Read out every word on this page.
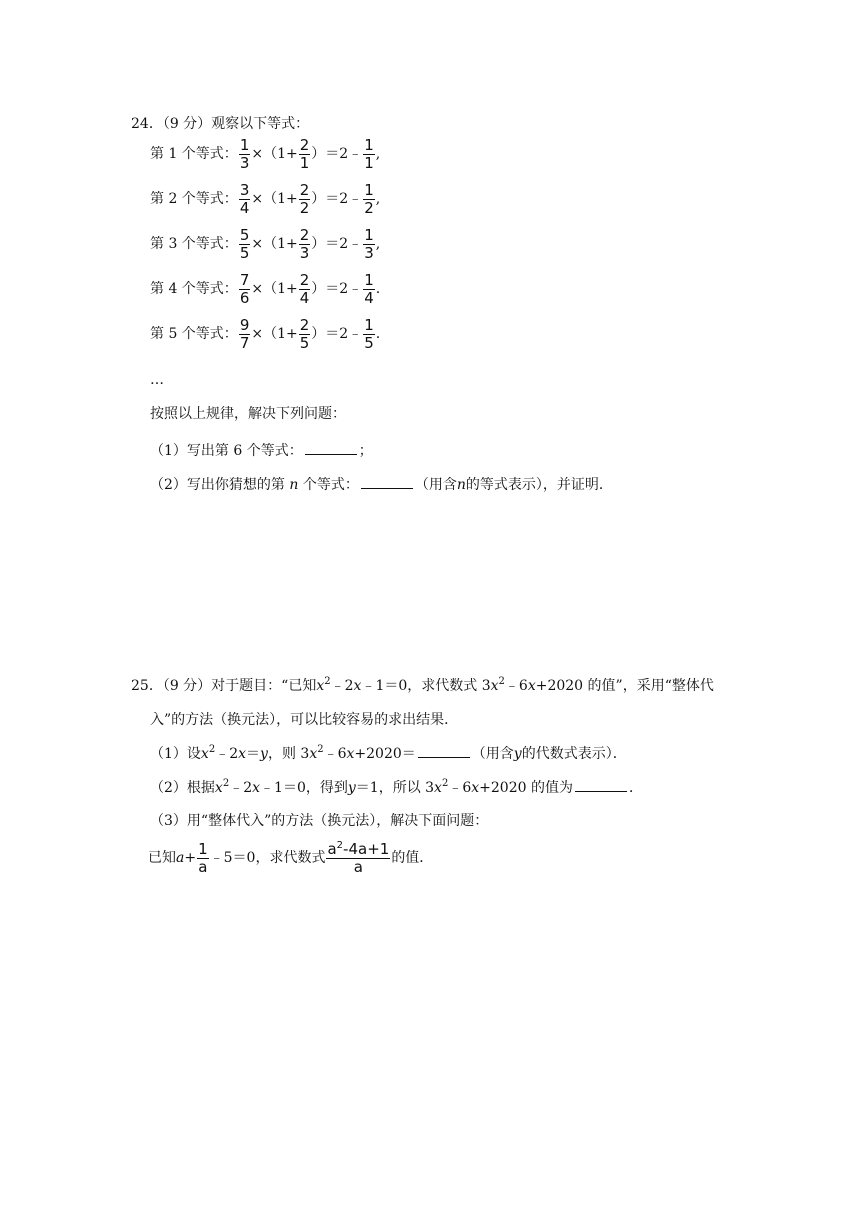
24．（9 分）观察以下等式：
第 1 个等式： $\frac{1}{3} \times(1+ \frac{2}{1}$ ）＝2﹣ $\frac{1}{1}$ ,
第 2 个等式： $\frac{3}{4} \times(1+ \frac{2}{2}$ ）＝2﹣ $\frac{1}{2}$ ,
第 3 个等式： $\frac{5}{5} \times(1+ \frac{2}{3}$ ）＝2﹣ $\frac{1}{3}$ ,
第 4 个等式： $\frac{7}{6} \times(1+ \frac{2}{4}$ ）＝2﹣ $\frac{1}{4}$ .
第 5 个等式： $\frac{9}{7} \times(1+ \frac{2}{5}$ ）＝2﹣ $\frac{1}{5}$ .
…
按照以上规律，解决下列问题：
（1）写出第 6 个等式：	；
（2）写出你猜想的第 n 个等式：	（用含n的等式表示），并证明．
25．（9 分）对于题目：“已知$x^2﹣2x﹣1=0$，求代数式 $3x^2﹣6x+2020$ 的值”，采用“整体代
入”的方法（换元法），可以比较容易的求出结果．
（1）设$x^2﹣2x=y$，则 $3x^2﹣6x+2020=$	（用含y的代数式表示）．
（2）根据$x^2﹣2x﹣1=0$，得到y＝1，所以 $3x^2﹣6x+2020$ 的值为	．
（3）用“整体代入”的方法（换元法），解决下面问题：
已知$a+ \frac{1}{a}$ ﹣5＝0，求代数式 $\frac{a^2-4a+1}{a}$ 的值．
